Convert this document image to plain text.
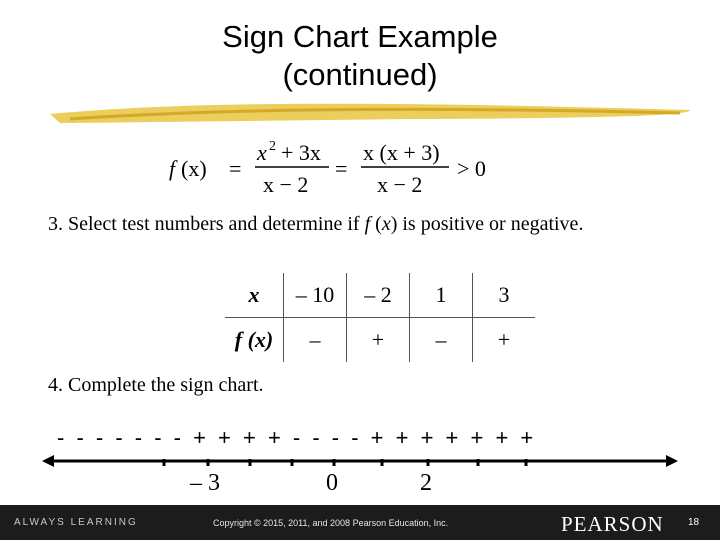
Sign Chart Example
(continued)
f (x) =
x 2 + 3x
x − 2
=
x (x + 3)
x − 2
> 0
3. Select test numbers and determine if f (x) is positive or negative.
x	– 10	– 2	1	3
f (x)	–	+	–	+
4. Complete the sign chart.
- - - - - - - + + + + - - - - + + + + + + +
– 3	0	2
ALWAYS LEARNING	Copyright © 2015, 2011, and 2008 Pearson Education, Inc.	PEARSON 18
